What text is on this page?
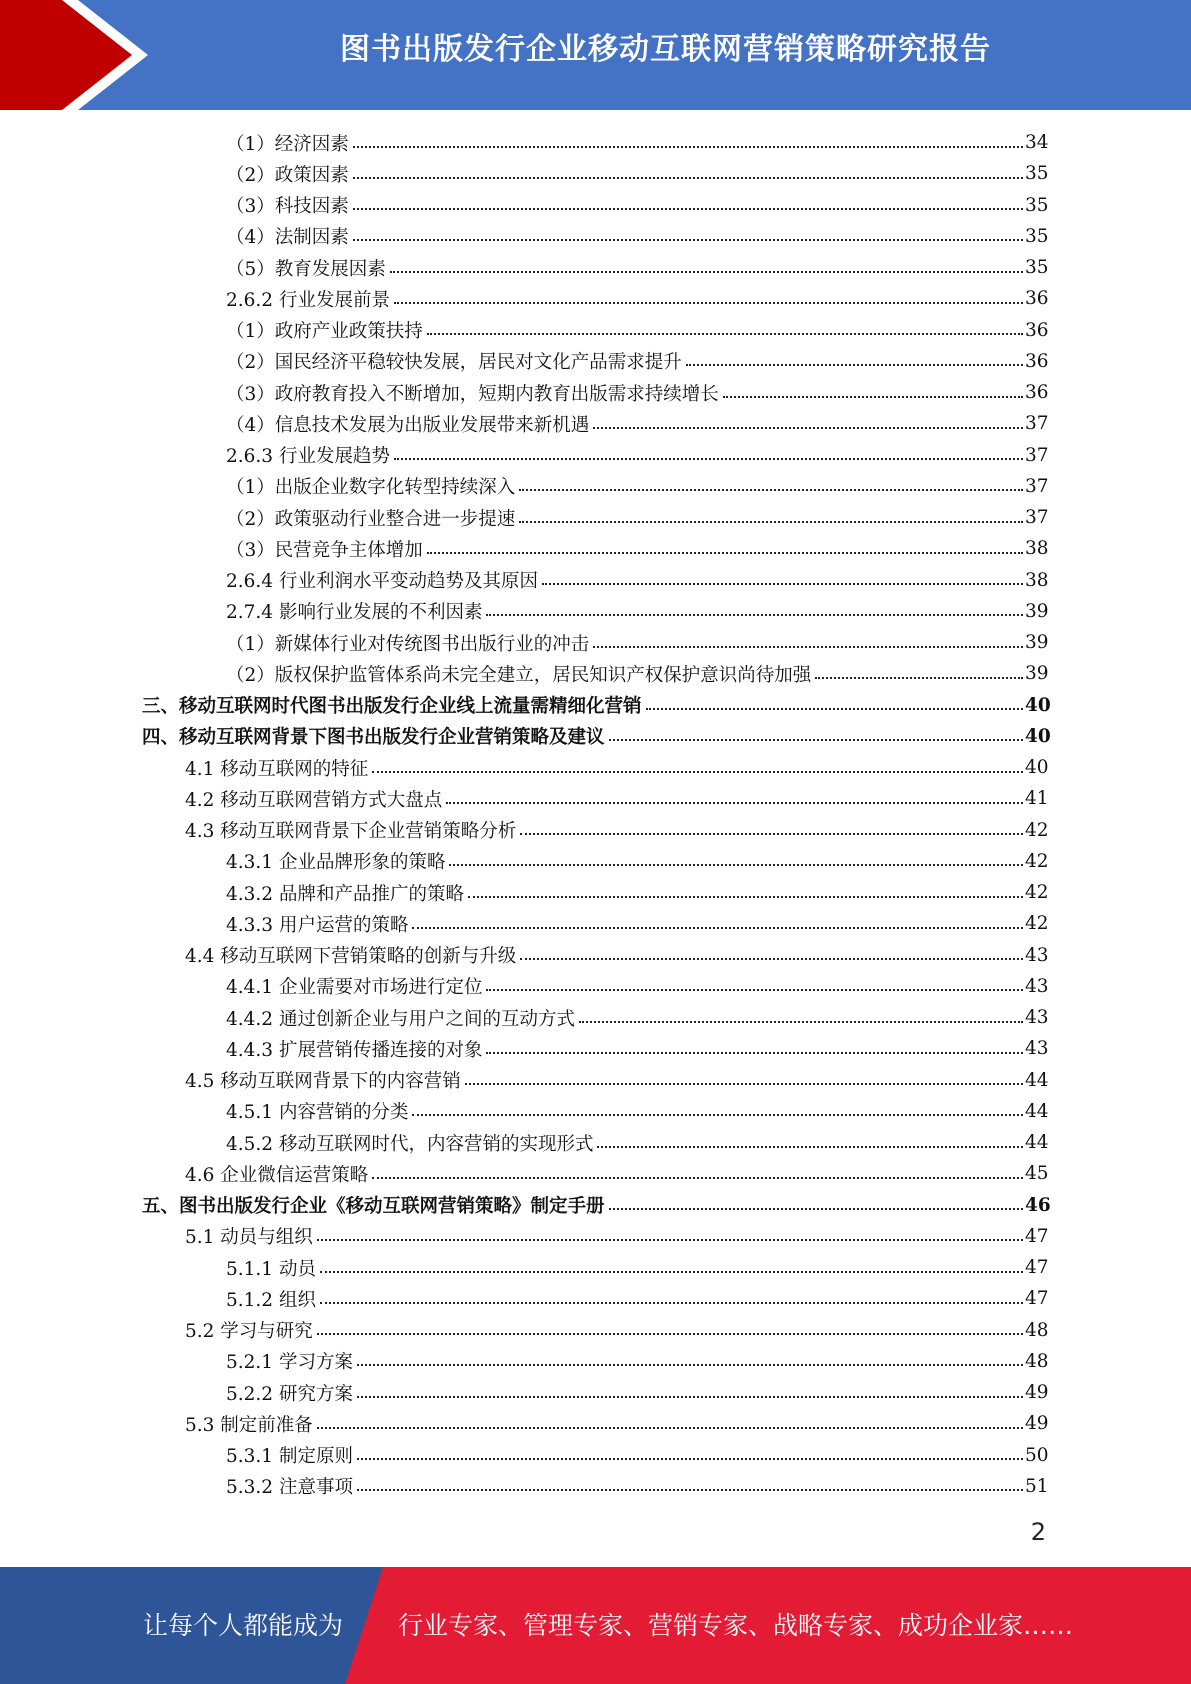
图书出版发行企业移动互联网营销策略研究报告
（1）经济因素	34
（2）政策因素	35
（3）科技因素	35
（4）法制因素	35
（5）教育发展因素	35
2.6.2 行业发展前景	36
（1）政府产业政策扶持	36
（2）国民经济平稳较快发展，居民对文化产品需求提升	36
（3）政府教育投入不断增加，短期内教育出版需求持续增长	36
（4）信息技术发展为出版业发展带来新机遇	37
2.6.3 行业发展趋势	37
（1）出版企业数字化转型持续深入	37
（2）政策驱动行业整合进一步提速	37
（3）民营竞争主体增加	38
2.6.4 行业利润水平变动趋势及其原因	38
2.7.4 影响行业发展的不利因素	39
（1）新媒体行业对传统图书出版行业的冲击	39
（2）版权保护监管体系尚未完全建立，居民知识产权保护意识尚待加强	39
三、移动互联网时代图书出版发行企业线上流量需精细化营销	40
四、移动互联网背景下图书出版发行企业营销策略及建议	40
4.1 移动互联网的特征	40
4.2 移动互联网营销方式大盘点	41
4.3 移动互联网背景下企业营销策略分析	42
4.3.1 企业品牌形象的策略	42
4.3.2 品牌和产品推广的策略	42
4.3.3 用户运营的策略	42
4.4 移动互联网下营销策略的创新与升级	43
4.4.1 企业需要对市场进行定位	43
4.4.2 通过创新企业与用户之间的互动方式	43
4.4.3 扩展营销传播连接的对象	43
4.5 移动互联网背景下的内容营销	44
4.5.1 内容营销的分类	44
4.5.2 移动互联网时代，内容营销的实现形式	44
4.6 企业微信运营策略	45
五、图书出版发行企业《移动互联网营销策略》制定手册	46
5.1 动员与组织	47
5.1.1 动员	47
5.1.2 组织	47
5.2 学习与研究	48
5.2.1 学习方案	48
5.2.2 研究方案	49
5.3 制定前准备	49
5.3.1 制定原则	50
5.3.2 注意事项	51
2
让每个人都能成为 行业专家、管理专家、营销专家、战略专家、成功企业家……
